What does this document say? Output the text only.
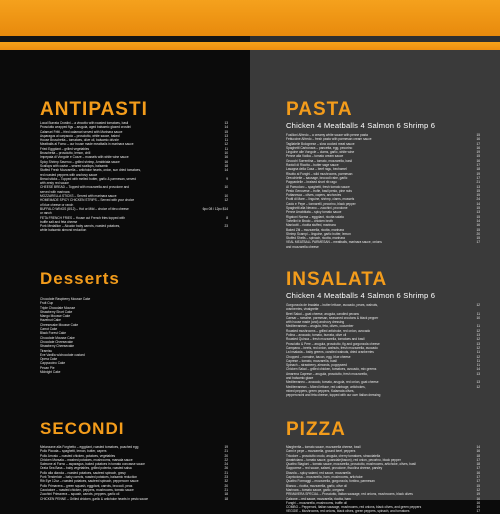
ANTIPASTI
Local Burrata Crostini – a vincotto with roasted tomatoes, basil	13
Prosciutto wrapped figs – arugula, aged balsamic glazed crostini	14
Calamari Fritti – fried calamari served with Marinara sauce	15
Asparagus al carpaccio – prosciutto, white sauce, baked	13
House Bruschetta – tomatoes, olive oil, balsamic drizzle	11
Meatballs al Forno – our house made meatballs in marinara sauce	12
Fried Eggplant – grilled vegetables	11
Bruschetta – prosciutto, lemon, chili	10
Impepata di Vongole e Cozze – mussels with white wine sauce	16
Spicy Shrimp Saveroo – grilled shrimp, Arrabbiata sauce	16
Scallops with caviar – seared scallops, balsamic	18
Stuffed Fresh Mozzarella – artichoke hearts, onion, sun dried tomatoes,	14
red roasted peppers with anchovy sauce
Bread sticks – Topped with melted butter, garlic & parmesan, served	9
with zesty red sauce
CHEESE BREAD – Topped with mozzarella and provolone and	10
served with marinara
MOZZARELLA STICKS – Served with marinara sauce	10
HOMEMADE SPICY CHICKEN STRIPS – Served with your choice	12
of blue cheese or ranch
BUFFALO WINGS (8/12) – Hot or Mild – choice of bleu cheese	6pc 08 / 12pc $14
or ranch
FETA FRENCH FRIES – House cut French fries topped with	8
truffle salt and feta cheese
Pork Medallion – Alcudor baby carrots, roasted potatoes,	23
white balsamic almond reduction
Desserts
Chocolate Raspberry Mousse Cake
Fruit Cup
Triple Chocolate Mousse
Strawberry Short Cake
Mango Mousse Cake
Hazelnut Cake
Cheesecake Mousse Cake
Carrot Cake
Black Forest Cake
Chocolate Mousse Cake
Chocolate Cheesecake
Strawberry Cheesecake
Tiramisu
Eve Vanilla w/chocolate custard
Opera Cake
Cappuccino Cake
Pecan Pie
Midnight Cake
SECONDI
Melanzane alla Forghetto – eggplant, roasted tomatoes, poached egg	19
Pollo Piccata – spaghetti, lemon, butter, capers	21
Pollo Arrosto – roasted chicken, potatoes, vegetables	20
Chicken Marsala – mashed potatoes, mushrooms, marsala sauce	22
Salmone al Forno – asparagus, baked potatoes in tomato concasse sauce	24
Orata Sea Bass – baby vegetables, grilled polenta, roasted salsa	26
Pollo alla diavola – roasted potatoes, sauteed spinach, gravy	21
Pork Tenderloin – baby carrots, roasted potatoes, balsamic reduction	23
Rib Eye 12oz – roasted potatoes, sauteed spinach, peppercorn sauce	32
Pollo Primavera – green squash, eggplant, carrots, broccoli, peas	20
Cacciatore – roasted chicken, peppers, mushrooms, tomato sauce	21
Zucchini Primavera – squash, carrots, peppers, garlic oil	18
CHICKEN PENNE – Grilled chicken, garlic & artichoke hearts in pesto sauce	18
PASTA
Chicken 4 Meatballs 4 Salmon 6 Shrimp 6
Fusilloni Alfredo – a creamy white sauce with penne pasta	15
Fettuccine Alfredo – fresh pasta with parmesan cream sauce	16
Tagliatelle Bolognese – slow cooked meat sauce	17
Spaghetti Carbonara – pancetta, egg, pecorino	16
Linguine alle Vongole – clams, garlic, white wine	19
Penne alla Vodka – tomato cream sauce	15
Gnocchi Sorrentina – tomato, mozzarella, basil	16
Ravioli di Ricotta – butter sage sauce	17
Lasagna della Casa – beef ragu, bechamel	18
Risotto ai Funghi – wild mushrooms, parmesan	19
Orecchiette – sausage, broccoli rabe, garlic	17
Pappardelle – braised short rib ragu	21
Al Pomodoro – spaghetti, fresh tomato sauce	13
Pesto Genovese – trofie, basil pesto, pine nuts	15
Puttanesca – olives, capers, anchovies	15
Frutti di Mare – linguine, shrimp, clams, mussels	24
Cacio e Pepe – tonnarelli, pecorino, black pepper	14
Spaghetti alla Nerano – zucchini, provolone	15
Penne Arrabbiata – spicy tomato sauce	13
Rigatoni Norma – eggplant, ricotta salata	15
Tortellini in Brodo – chicken broth	14
Manicotti – ricotta stuffed, marinara	16
Baked Ziti – mozzarella, ricotta, marinara	15
Shrimp Scampi – linguine, garlic butter, lemon	20
Stuffed Shells – spinach, ricotta, marinara	15
VEAL MEATBALL PARMESAN – meatballs, marinara sauce, onions	17
and mozzarella cheese
INSALATA
Chicken 4 Meatballs 4 Salmon 6 Shrimp 6
Gorgonzola de Insalata – butter lettuce, avocado, pears, walnuts,	12
cranberries, vinaigrette
Beet Salad – goat cheese, arugula, candied pecans	11
Caesar – romaine, parmesan, seasoned croutons & black pepper	10
with house made (and) anchovy dressing
Mediterranean – arugula, feta, olives, cucumber	11
Roasted mushrooms – grilled artichoke, red onion, avocado	12
Polina – avocado, tomato, burrata, olive oil	13
Roasted Quinoa – fresh mozzarella, tomatoes and basil	12
Prosciutto & Pere – arugula, prosciutto, fig and gorgonzola cheese	13
Campana – beets, red onion, walnuts, fresh mozzarella, avocado	12
La Insalada – baby greens, candied walnuts, dried cranberries	11
Chopped – romaine, bacon, egg, blue cheese	12
Caprese – tomato, mozzarella, basil	11
Spinach – strawberry, almonds, poppyseed	11
Chicken Salad – grilled chicken, tomatoes, avocado, mix greens	14
Amarena Caprese – arugula, prosciutto, fresh mozzarella,	13
and balsamic glaze
Mediterraneo – avocado, tomato, arugula, red onion, goat cheese	13
Mediterranean – Mixed lettuce, red cabbage, artichokes,	12
mixed peppers, green peppers, Kalamata olives,
pepperoncini and feta cheese, topped with our own Italian dressing
PIZZA
Margherita – tomato sauce, mozzarella cheese, basil	14
Carni e pepe – mozzarella, ground beef, peppers	16
Tricolore – prosciutto crudo, arugula, cherry tomatoes, stracciatella	18
Amatriciana – tomato sauce, guanciale(bacon), red onion, pecorino, black pepper	17
Quattro Stagioni – tomato sauce, mozzarella, prosciutto, mushrooms, artichoke, olives, basil	18
Sapporese – red sauce, salami, provolone, fiscolina cheese, parsley	17
Diavola – spicy salami, red sauce, mozzarella	16
Capricciosa – mozzarella, ham, mushrooms, artichoke	17
Quattro Formaggi – mozzarella, gorgonzola, fontina, parmesan	17
Bianca – ricotta, mozzarella, garlic, olive oil	15
Marinara – tomato sauce, garlic, oregano	12
PRIMAVERA SPECIAL – Prosciutto, Italian sausage, red onions, mushrooms, black olives	19
Calzone – red sauce, mozzarella, ricotta, ham	16
Funghi – mozzarella, mushrooms, truffle oil	16
COMBO – Pepperoni, Italian sausage, mushrooms, red onions, black olives, and green peppers	19
VEGGIE – Mushrooms, red onions, black olives, green peppers, spinach, and tomatoes	17
